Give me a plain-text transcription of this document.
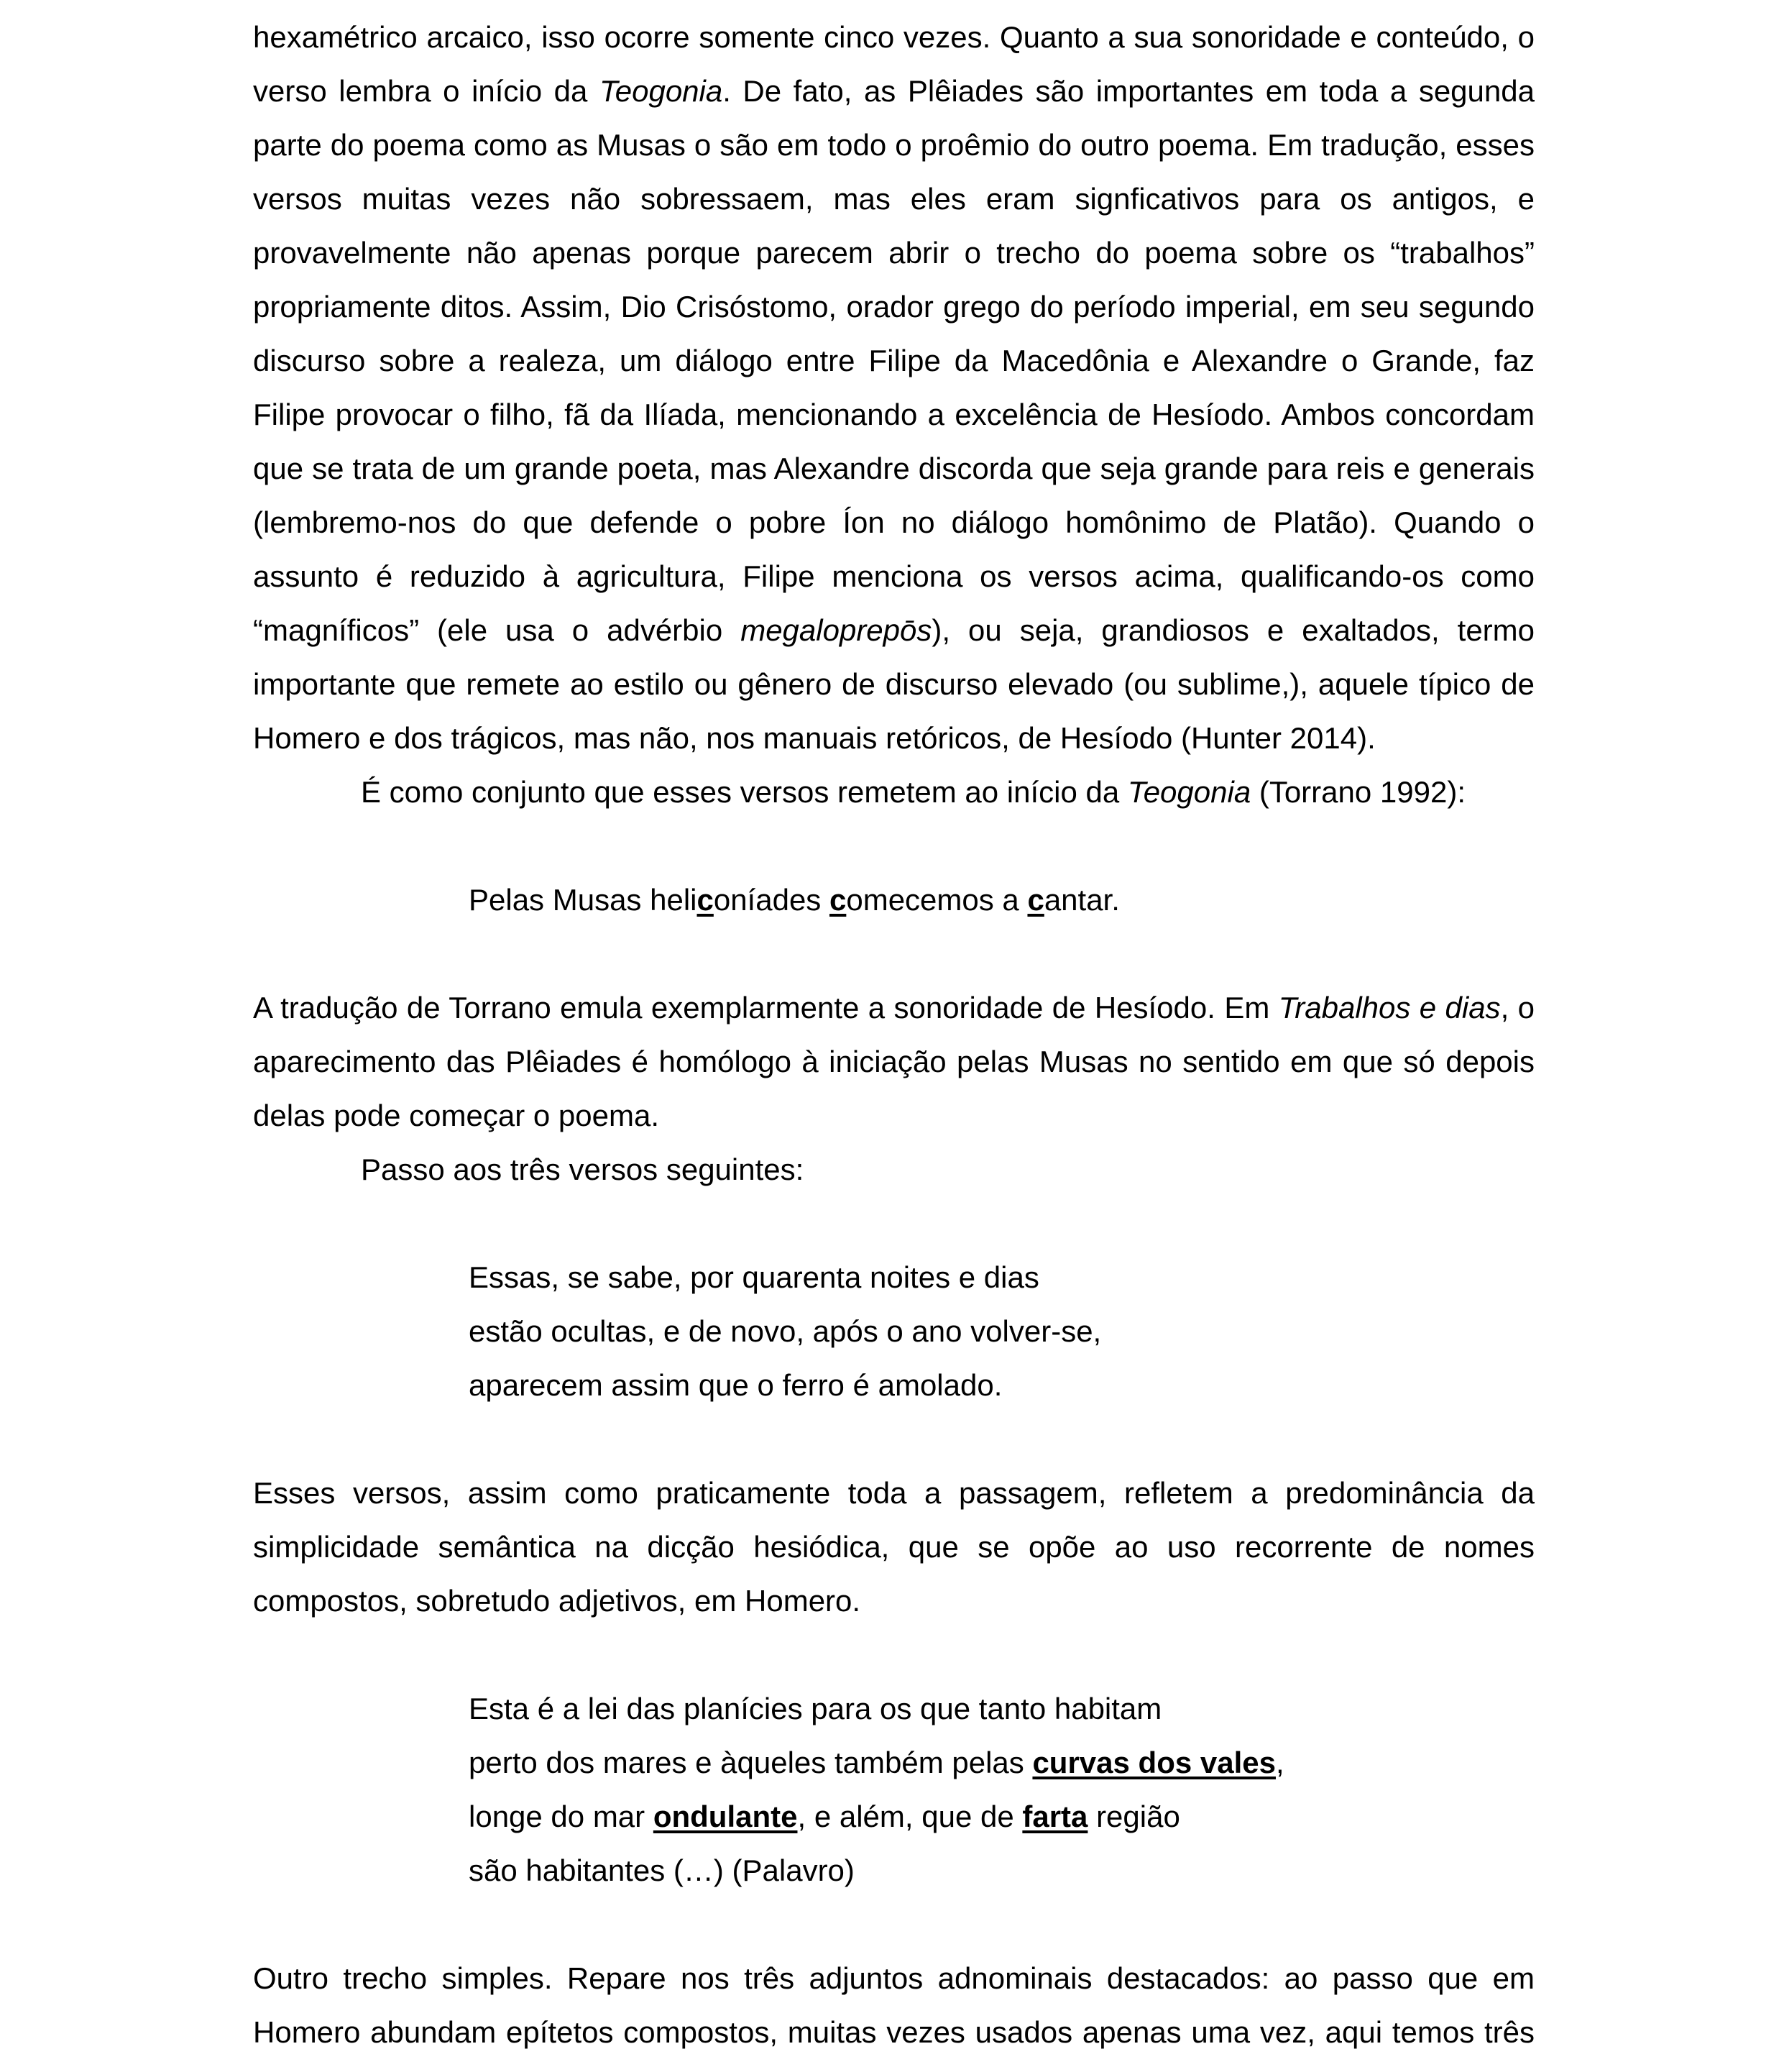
hexamétrico arcaico, isso ocorre somente cinco vezes. Quanto a sua sonoridade e conteúdo, o
verso lembra o início da Teogonia. De fato, as Plêiades são importantes em toda a segunda
parte do poema como as Musas o são em todo o proêmio do outro poema. Em tradução, esses
versos muitas vezes não sobressaem, mas eles eram signficativos para os antigos, e
provavelmente não apenas porque parecem abrir o trecho do poema sobre os “trabalhos”
propriamente ditos. Assim, Dio Crisóstomo, orador grego do período imperial, em seu segundo
discurso sobre a realeza, um diálogo entre Filipe da Macedônia e Alexandre o Grande, faz
Filipe provocar o filho, fã da Ilíada, mencionando a excelência de Hesíodo. Ambos concordam
que se trata de um grande poeta, mas Alexandre discorda que seja grande para reis e generais
(lembremo-nos do que defende o pobre Íon no diálogo homônimo de Platão). Quando o
assunto é reduzido à agricultura, Filipe menciona os versos acima, qualificando-os como
“magníficos” (ele usa o advérbio megaloprepōs), ou seja, grandiosos e exaltados, termo
importante que remete ao estilo ou gênero de discurso elevado (ou sublime,), aquele típico de
Homero e dos trágicos, mas não, nos manuais retóricos, de Hesíodo (Hunter 2014).
É como conjunto que esses versos remetem ao início da Teogonia (Torrano 1992):
Pelas Musas heliconíades comecemos a cantar.
A tradução de Torrano emula exemplarmente a sonoridade de Hesíodo. Em Trabalhos e dias, o
aparecimento das Plêiades é homólogo à iniciação pelas Musas no sentido em que só depois
delas pode começar o poema.
Passo aos três versos seguintes:
Essas, se sabe, por quarenta noites e dias
estão ocultas, e de novo, após o ano volver-se,
aparecem assim que o ferro é amolado.
Esses versos, assim como praticamente toda a passagem, refletem a predominância da
simplicidade semântica na dicção hesiódica, que se opõe ao uso recorrente de nomes
compostos, sobretudo adjetivos, em Homero.
Esta é a lei das planícies para os que tanto habitam
perto dos mares e àqueles também pelas curvas dos vales,
longe do mar ondulante, e além, que de farta região
são habitantes (…) (Palavro)
Outro trecho simples. Repare nos três adjuntos adnominais destacados: ao passo que em
Homero abundam epítetos compostos, muitas vezes usados apenas uma vez, aqui temos três
